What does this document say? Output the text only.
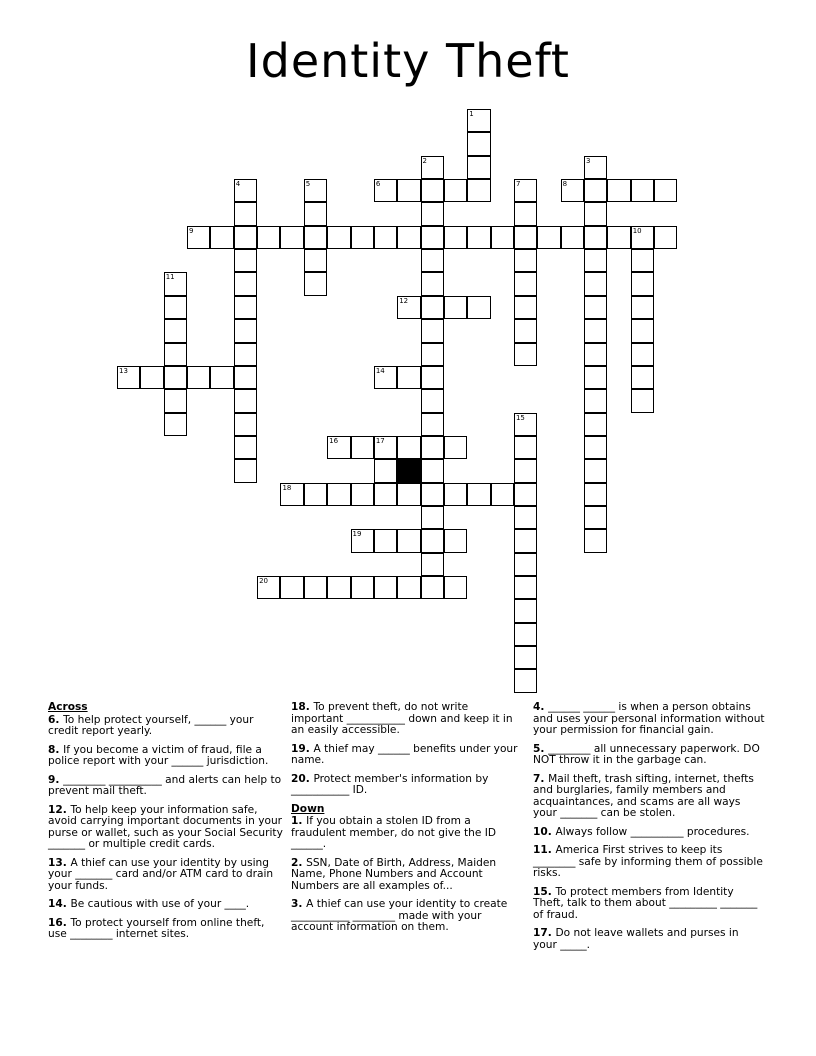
Identity Theft
6	8
9	10
12
13	14
16	17
18
19
20
1
2	3
4	5	7
11
15
Across
6. To help protect yourself, ______ your credit report yearly.
8. If you become a victim of fraud, file a police report with your ______ jurisdiction.
9. ________ __________ and alerts can help to prevent mail theft.
12. To help keep your information safe, avoid carrying important documents in your purse or wallet, such as your Social Security _______ or multiple credit cards.
13. A thief can use your identity by using your _______ card and/or ATM card to drain your funds.
14. Be cautious with use of your ____.
16. To protect yourself from online theft, use ________ internet sites.
18. To prevent theft, do not write important ___________ down and keep it in an easily accessible.
19. A thief may ______ benefits under your name.
20. Protect member's information by ___________ ID.
Down
1. If you obtain a stolen ID from a fraudulent member, do not give the ID ______.
2. SSN, Date of Birth, Address, Maiden Name, Phone Numbers and Account Numbers are all examples of...
3. A thief can use your identity to create ___________ ________ made with your account information on them.
4. ______ ______ is when a person obtains and uses your personal information without your permission for financial gain.
5. ________ all unnecessary paperwork. DO NOT throw it in the garbage can.
7. Mail theft, trash sifting, internet, thefts and burglaries, family members and acquaintances, and scams are all ways your _______ can be stolen.
10. Always follow __________ procedures.
11. America First strives to keep its ________ safe by informing them of possible risks.
15. To protect members from Identity Theft, talk to them about _________ _______ of fraud.
17. Do not leave wallets and purses in your _____.
